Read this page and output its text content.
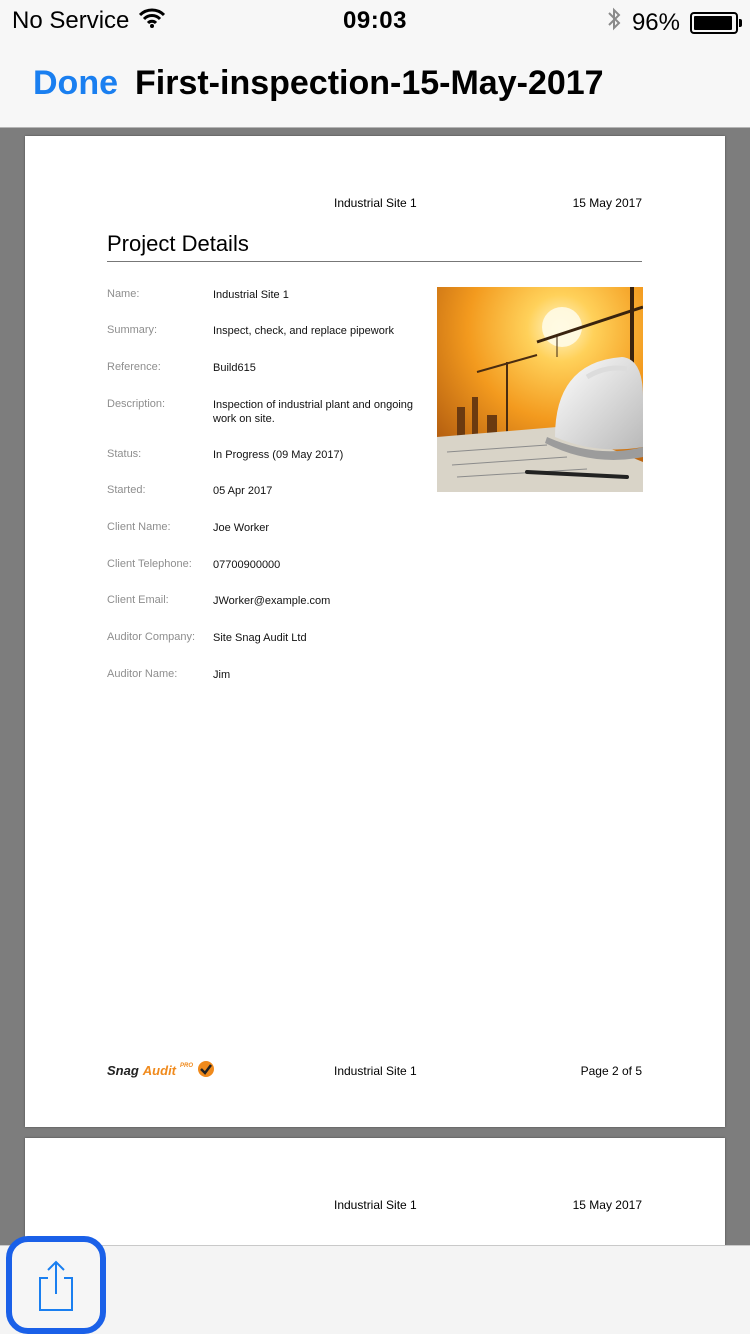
No Service	09:03	96%
Done First-inspection-15-May-2017
Industrial Site 1	15 May 2017
Project Details
Name:	Industrial Site 1
Summary:	Inspect, check, and replace pipework
Reference:	Build615
Description:	Inspection of industrial plant and ongoing work on site.
Status:	In Progress (09 May 2017)
Started:	05 Apr 2017
Client Name:	Joe Worker
Client Telephone:	07700900000
Client Email:	JWorker@example.com
Auditor Company:	Site Snag Audit Ltd
Auditor Name:	Jim
Snag Audit PRO	Industrial Site 1	Page 2 of 5
Industrial Site 1	15 May 2017
